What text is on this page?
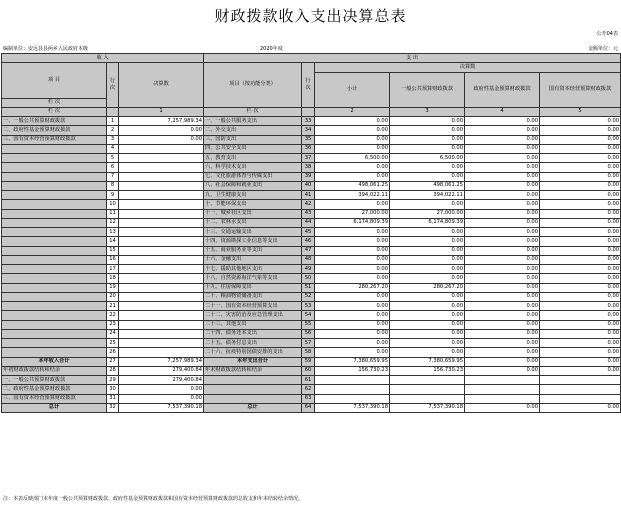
财政拨款收入支出决算总表
公开04表
编制单位：安远县县两乡人民政府本级	2020年度	金额单位：元
收 入			支 出					
项 目	行次	决算数	项目（按功能分类）	行次	决算数			
					小计	一般公共预算财政拨款	政府性基金预算财政拨款	国有资本经营预算财政拨款
栏 次								
栏 次		1	栏 次		2	3	4	5
一、一般公共预算财政拨款	1	7,257,989.34	一、一般公共服务支出	33	0.00	0.00	0.00	0.00
二、政府性基金预算财政拨款	2	0.00	二、外交支出	34	0.00	0.00	0.00	0.00
三、国有资本经营预算财政拨款	3	0.00	三、国防支出	35	0.00	0.00	0.00	0.00
	4		四、公共安全支出	36	0.00	0.00	0.00	0.00
	5		五、教育支出	37	6,500.00	6,500.00	0.00	0.00
	6		六、科学技术支出	38	0.00	0.00	0.00	0.00
	7		七、文化旅游体育与传媒支出	39	0.00	0.00	0.00	0.00
	8		八、社会保障和就业支出	40	498,061.25	498,061.25	0.00	0.00
	9		九、卫生健康支出	41	394,022.11	394,022.11	0.00	0.00
	10		十、节能环保支出	42	0.00	0.00	0.00	0.00
	11		十一、城乡社区支出	43	27,000.00	27,000.00	0.00	0.00
	12		十二、农林水支出	44	6,174,809.39	6,174,809.39	0.00	0.00
	13		十三、交通运输支出	45	0.00	0.00	0.00	0.00
	14		十四、资源勘探工业信息等支出	46	0.00	0.00	0.00	0.00
	15		十五、商业服务业等支出	47	0.00	0.00	0.00	0.00
	16		十六、金融支出	48	0.00	0.00	0.00	0.00
	17		十七、援助其他地区支出	49	0.00	0.00	0.00	0.00
	18		十八、自然资源海洋气象等支出	50	0.00	0.00	0.00	0.00
	19		十九、住房保障支出	51	280,267.20	280,267.20	0.00	0.00
	20		二十、粮油物资储备支出	52	0.00	0.00	0.00	0.00
	21		二十一、国有资本经营预算支出	53	0.00	0.00	0.00	0.00
	22		二十二、灾害防治及应急管理支出	54	0.00	0.00	0.00	0.00
	23		二十三、其他支出	55	0.00	0.00	0.00	0.00
	24		二十四、债务还本支出	56	0.00	0.00	0.00	0.00
	25		二十五、债务付息支出	57	0.00	0.00	0.00	0.00
	26		二十六、抗疫特别国债安排的支出	58	0.00	0.00	0.00	0.00
本年收入合计	27	7,257,989.34	本年支出合计	59	7,380,659.95	7,380,659.95	0.00	0.00
年初财政拨款结转和结余	28	279,400.84	年末财政拨款结转和结余	60	156,730.23	156,730.23	0.00	0.00
一、一般公共预算财政拨款	29	279,400.84		61				
二、政府性基金预算财政拨款	30	0.00		62				
三、国有资本经营预算财政拨款	31	0.00		63				
总计	32	7,537,390.18	总计	64	7,537,390.18	7,537,390.18	0.00	0.00
注：本表反映部门本年度一般公共预算财政拨款、政府性基金预算财政拨款和国有资本经营预算财政拨款的总收支和年末结转结余情况。
